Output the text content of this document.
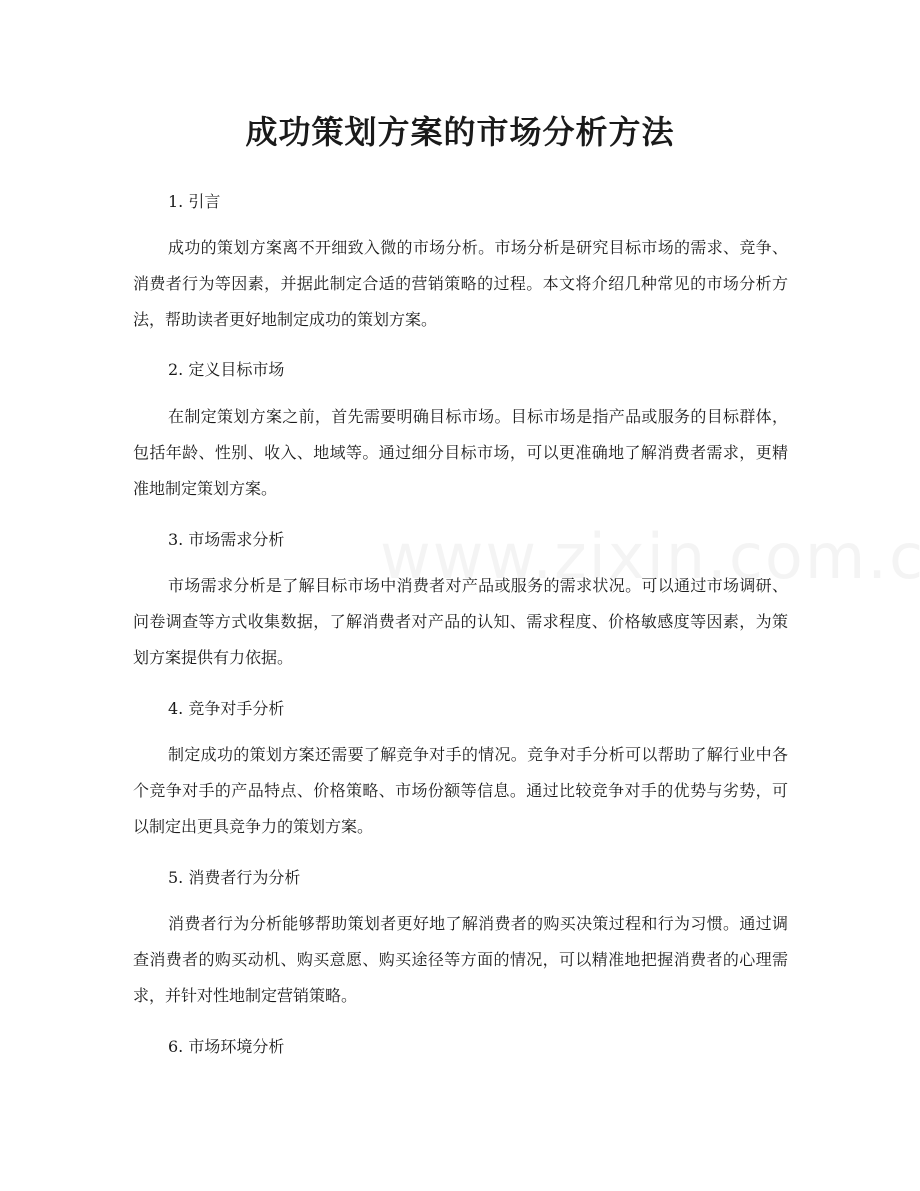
成功策划方案的市场分析方法
1. 引言

成功的策划方案离不开细致入微的市场分析。市场分析是研究目标市场的需求、竞争、消费者行为等因素，并据此制定合适的营销策略的过程。本文将介绍几种常见的市场分析方法，帮助读者更好地制定成功的策划方案。

2. 定义目标市场

在制定策划方案之前，首先需要明确目标市场。目标市场是指产品或服务的目标群体，包括年龄、性别、收入、地域等。通过细分目标市场，可以更准确地了解消费者需求，更精准地制定策划方案。

3. 市场需求分析

市场需求分析是了解目标市场中消费者对产品或服务的需求状况。可以通过市场调研、问卷调查等方式收集数据，了解消费者对产品的认知、需求程度、价格敏感度等因素，为策划方案提供有力依据。

4. 竞争对手分析

制定成功的策划方案还需要了解竞争对手的情况。竞争对手分析可以帮助了解行业中各个竞争对手的产品特点、价格策略、市场份额等信息。通过比较竞争对手的优势与劣势，可以制定出更具竞争力的策划方案。

5. 消费者行为分析

消费者行为分析能够帮助策划者更好地了解消费者的购买决策过程和行为习惯。通过调查消费者的购买动机、购买意愿、购买途径等方面的情况，可以精准地把握消费者的心理需求，并针对性地制定营销策略。

6. 市场环境分析
